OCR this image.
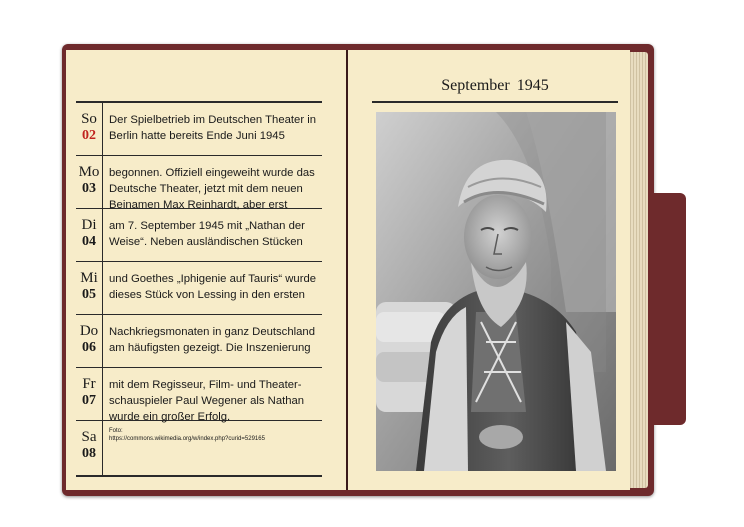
So
02
Der Spielbetrieb im Deutschen Theater in Berlin hatte bereits Ende Juni 1945
Mo
03
begonnen. Offiziell eingeweiht wurde das Deutsche Theater, jetzt mit dem neuen Beinamen Max Reinhardt, aber erst
Di
04
am 7. September 1945 mit „Nathan der Weise“. Neben ausländischen Stücken
Mi
05
und Goethes „Iphigenie auf Tauris“ wurde dieses Stück von Lessing in den ersten
Do
06
Nachkriegsmonaten in ganz Deutschland am häufigsten gezeigt. Die Inszenierung
Fr
07
mit dem Regisseur, Film- und Theater-schauspieler Paul Wegener als Nathan wurde ein großer Erfolg.
Sa
08
Foto:
https://commons.wikimedia.org/w/index.php?curid=529165
September 1945
